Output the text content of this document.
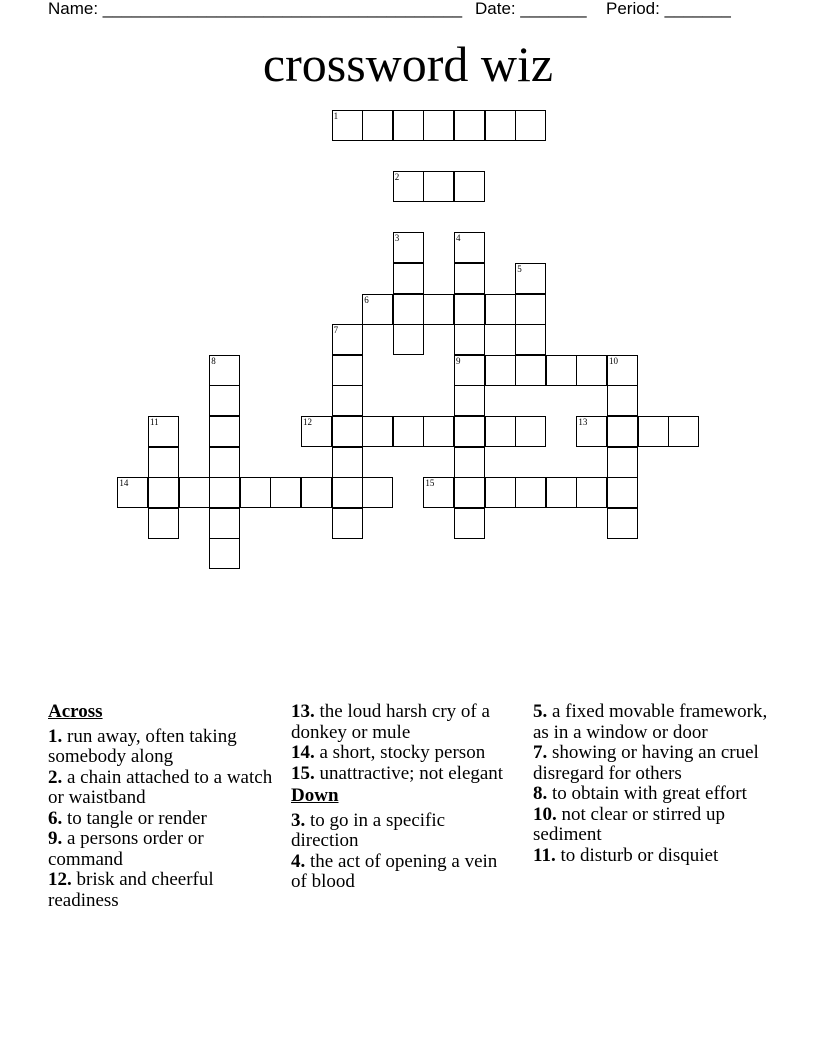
Name: ______________________________________ Date: _______ Period: _______
crossword wiz
1
2
3	4
5
6
7
8	9	10
11	12	13
14	15
Across
1. run away, often taking somebody along
2. a chain attached to a watch or waistband
6. to tangle or render
9. a persons order or command
12. brisk and cheerful readiness
13. the loud harsh cry of a donkey or mule
14. a short, stocky person
15. unattractive; not elegant
Down
3. to go in a specific direction
4. the act of opening a vein of blood
5. a fixed movable framework, as in a window or door
7. showing or having an cruel disregard for others
8. to obtain with great effort
10. not clear or stirred up sediment
11. to disturb or disquiet
